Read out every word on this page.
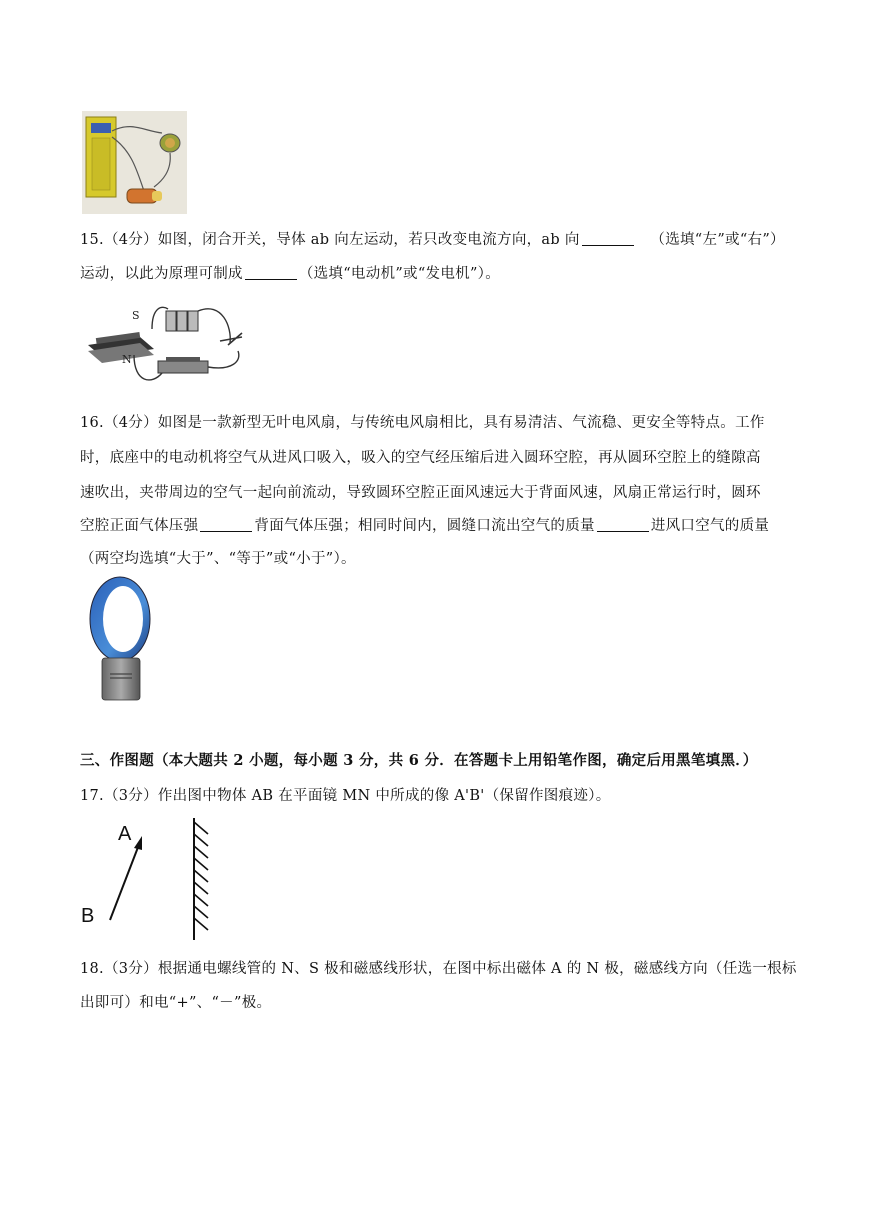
15.（4分）如图，闭合开关，导体 ab 向左运动，若只改变电流方向，ab 向	（选填“左”或“右”）
运动，以此为原理可制成	（选填“电动机”或“发电机”）。
S
N
16.（4分）如图是一款新型无叶电风扇，与传统电风扇相比，具有易清洁、气流稳、更安全等特点。工作
时，底座中的电动机将空气从进风口吸入，吸入的空气经压缩后进入圆环空腔，再从圆环空腔上的缝隙高
速吹出，夹带周边的空气一起向前流动，导致圆环空腔正面风速远大于背面风速，风扇正常运行时，圆环
空腔正面气体压强	背面气体压强；相同时间内，圆缝口流出空气的质量	进风口空气的质量
（两空均选填“大于”、“等于”或“小于”）。
三、作图题（本大题共 2 小题，每小题 3 分，共 6 分．在答题卡上用铅笔作图，确定后用黑笔填黑．）
17.（3分）作出图中物体 AB 在平面镜 MN 中所成的像 A'B'（保留作图痕迹）。
A
B
18.（3分）根据通电螺线管的 N、S 极和磁感线形状，在图中标出磁体 A 的 N 极，磁感线方向（任选一根标
出即可）和电“+”、“－”极。
